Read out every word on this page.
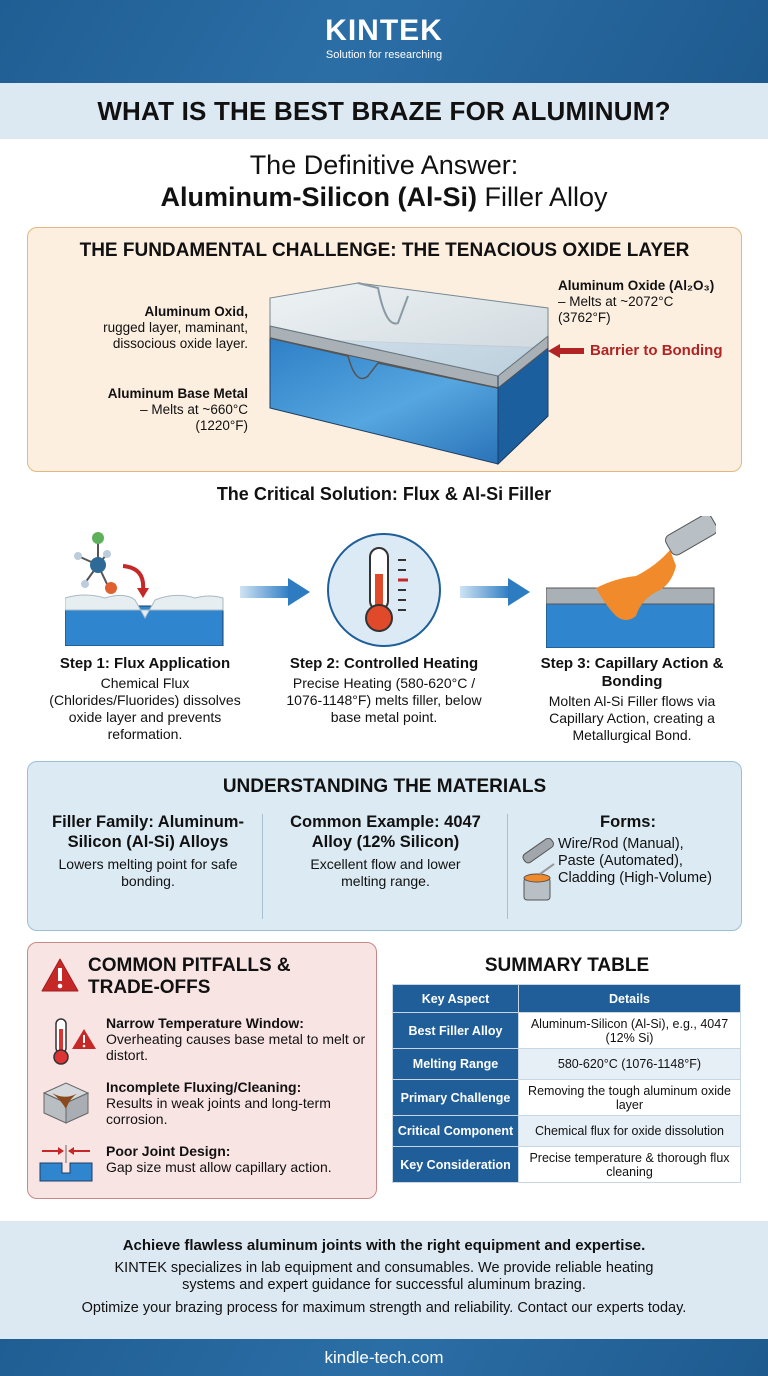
KINTEK
Solution for researching
WHAT IS THE BEST BRAZE FOR ALUMINUM?
The Definitive Answer:
Aluminum-Silicon (Al-Si) Filler Alloy
THE FUNDAMENTAL CHALLENGE: THE TENACIOUS OXIDE LAYER
Aluminum Oxid,
rugged layer, maminant,
dissocious oxide layer.
Aluminum Base Metal
– Melts at ~660°C
(1220°F)
Aluminum Oxide (Al₂O₃)
– Melts at ~2072°C
(3762°F)
Barrier to Bonding
The Critical Solution: Flux & Al-Si Filler
Step 1: Flux Application
Chemical Flux (Chlorides/Fluorides) dissolves oxide layer and prevents reformation.
Step 2: Controlled Heating
Precise Heating (580-620°C / 1076-1148°F) melts filler, below base metal point.
Step 3: Capillary Action & Bonding
Molten Al-Si Filler flows via Capillary Action, creating a Metallurgical Bond.
UNDERSTANDING THE MATERIALS
Filler Family: Aluminum-Silicon (Al-Si) Alloys
Lowers melting point for safe bonding.
Common Example: 4047 Alloy (12% Silicon)
Excellent flow and lower melting range.
Forms:
Wire/Rod (Manual),
Paste (Automated),
Cladding (High-Volume)
COMMON PITFALLS &
TRADE-OFFS
Narrow Temperature Window:
Overheating causes base metal to melt or distort.
Incomplete Fluxing/Cleaning:
Results in weak joints and long-term corrosion.
Poor Joint Design:
Gap size must allow capillary action.
SUMMARY TABLE
Key Aspect	Details
Best Filler Alloy	Aluminum-Silicon (Al-Si), e.g., 4047 (12% Si)
Melting Range	580-620°C (1076-1148°F)
Primary Challenge	Removing the tough aluminum oxide layer
Critical Component	Chemical flux for oxide dissolution
Key Consideration	Precise temperature & thorough flux cleaning
Achieve flawless aluminum joints with the right equipment and expertise.
KINTEK specializes in lab equipment and consumables. We provide reliable heating systems and expert guidance for successful aluminum brazing.
Optimize your brazing process for maximum strength and reliability. Contact our experts today.
kindle-tech.com
